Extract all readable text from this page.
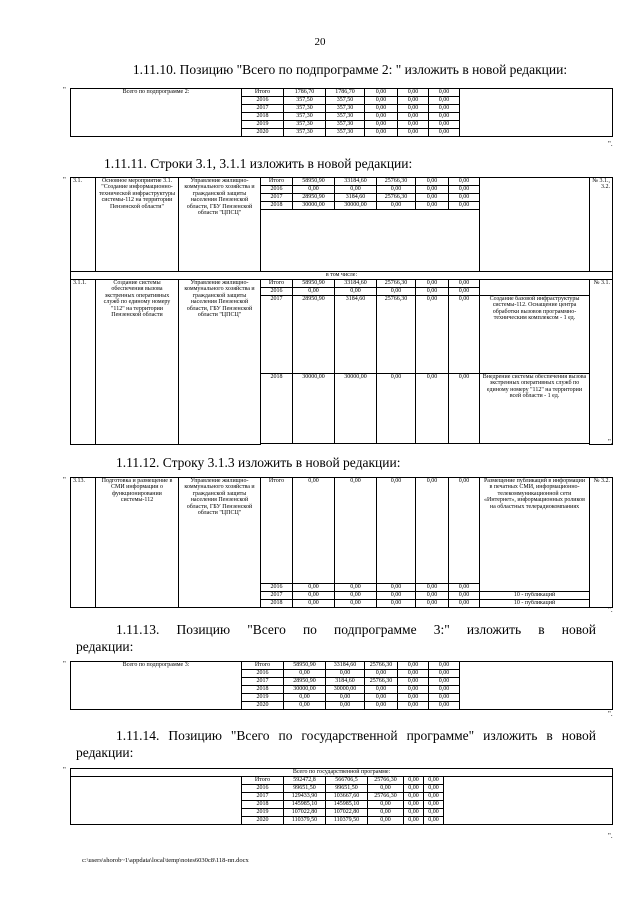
20
1.11.10. Позицию "Всего по подпрограмме 2: " изложить в новой редакции:
"	Всего по подпрограмме 2:	Итого	1786,70	1786,70	0,00	0,00	0,00	
	2016	357,50	357,50	0,00	0,00	0,00	
	2017	357,30	357,30	0,00	0,00	0,00	
	2018	357,30	357,30	0,00	0,00	0,00	
	2019	357,30	357,30	0,00	0,00	0,00	
	2020	357,30	357,30	0,00	0,00	0,00	
".
1.11.11. Строки 3.1, 3.1.1 изложить в новой редакции:
" 3.1.	Основное мероприятие 3.1. "Создание информационно-технической инфраструктуры системы-112 на территории Пензенской области"	Управление жилищно-коммунального хозяйства и гражданской защиты населения Пензенской области, ГБУ Пензенской области "ЦПСЦ"	Итого	58950,90	33184,60	25766,30	0,00	0,00		№ 3.1., 3.2.
			2016	0,00	0,00	0,00	0,00	0,00		
			2017	28950,90	3184,60	25766,30	0,00	0,00		
			2018	30000,00	30000,00	0,00	0,00	0,00		

в том числе:										
3.1.1.	Создание системы обеспечения вызова экстренных оперативных служб по единому номеру "112" на территории Пензенской области	Управление жилищно-коммунального хозяйства и гражданской защиты населения Пензенской области, ГБУ Пензенской области "ЦПСЦ"	Итого	58950,90	33184,60	25766,30	0,00	0,00		№ 3.1.
			2016	0,00	0,00	0,00	0,00	0,00		
			2017	28950,90	3184,60	25766,30	0,00	0,00	Создание базовой инфраструктуры системы-112. Оснащение центра обработки вызовов программно-техническим комплексом - 1 ед.	
			2018	30000,00	30000,00	0,00	0,00	0,00	Внедрение системы обеспечения вызова экстренных оперативных служб по единому номеру "112" на территории всей области - 1 ед.	

".
1.11.12. Строку 3.1.3 изложить в новой редакции:
" 3.13.	Подготовка и размещение в СМИ информации о функционировании системы-112	Управление жилищно-коммунального хозяйства и гражданской защиты населения Пензенской области, ГБУ Пензенской области "ЦПСЦ"	Итого	0,00	0,00	0,00	0,00	0,00	Размещение публикаций в информации в печатных СМИ, информационно-телекоммуникационной сети «Интернет», информационных роликов на областных телерадиокомпаниях	№ 3.2.
			2016	0,00	0,00	0,00	0,00	0,00		
			2017	0,00	0,00	0,00	0,00	0,00	10 - публикаций	
			2018	0,00	0,00	0,00	0,00	0,00	10 - публикаций	
".
1.11.13. Позицию "Всего по подпрограмме 3:" изложить в новой
редакции:
"	Всего по подпрограмме 3:	Итого	58950,90	33184,60	25766,30	0,00	0,00	
	2016	0,00	0,00	0,00	0,00	0,00	
	2017	28950,90	3184,60	25766,30	0,00	0,00	
	2018	30000,00	30000,00	0,00	0,00	0,00	
	2019	0,00	0,00	0,00	0,00	0,00	
	2020	0,00	0,00	0,00	0,00	0,00	
".
1.11.14. Позицию "Всего по государственной программе" изложить в новой
редакции:
"	Всего по государственной программе:							
	Итого	592472,8	566706,5	25766,30	0,00	0,00	
	2016	99651,50	99651,50	0,00	0,00	0,00	
	2017	129433,90	103667,60	25766,30	0,00	0,00	
	2018	145985,10	145985,10	0,00	0,00	0,00	
	2019	107022,80	107022,80	0,00	0,00	0,00	
	2020	110379,50	110379,50	0,00	0,00	0,00	
".
c:\users\shorob~1\appdata\local\temp\notes6030c8\118-пп.docx
